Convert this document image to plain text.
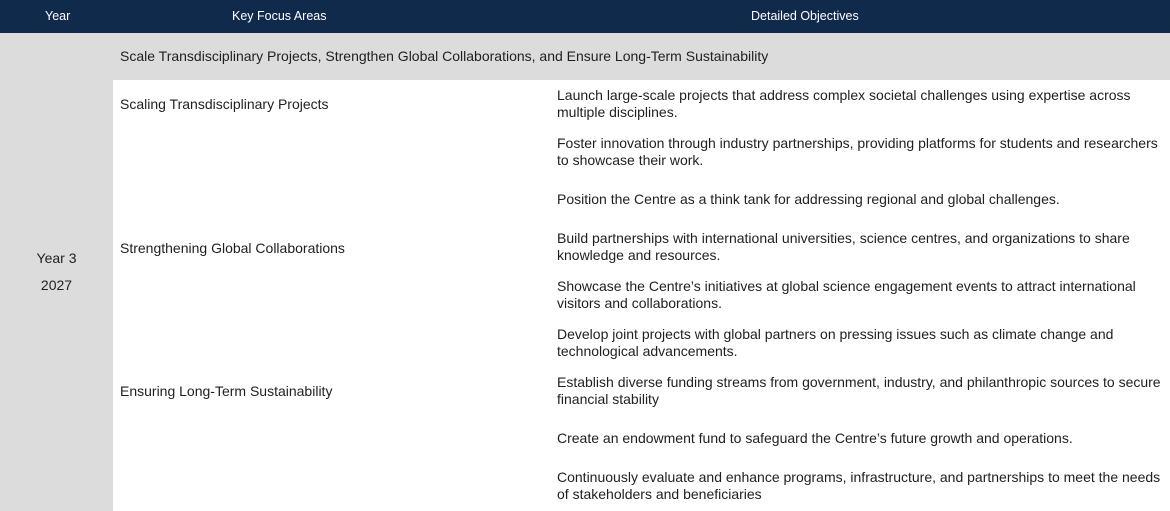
Year	Key Focus Areas	Detailed Objectives
Year 3
2027
Scale Transdisciplinary Projects, Strengthen Global Collaborations, and Ensure Long-Term Sustainability
Scaling Transdisciplinary Projects
Strengthening Global Collaborations
Ensuring Long-Term Sustainability
Launch large-scale projects that address complex societal challenges using expertise across multiple disciplines.
Foster innovation through industry partnerships, providing platforms for students and researchers to showcase their work.
Position the Centre as a think tank for addressing regional and global challenges.
Build partnerships with international universities, science centres, and organizations to share knowledge and resources.
Showcase the Centre’s initiatives at global science engagement events to attract international visitors and collaborations.
Develop joint projects with global partners on pressing issues such as climate change and technological advancements.
Establish diverse funding streams from government, industry, and philanthropic sources to secure financial stability
Create an endowment fund to safeguard the Centre’s future growth and operations.
Continuously evaluate and enhance programs, infrastructure, and partnerships to meet the needs of stakeholders and beneficiaries
